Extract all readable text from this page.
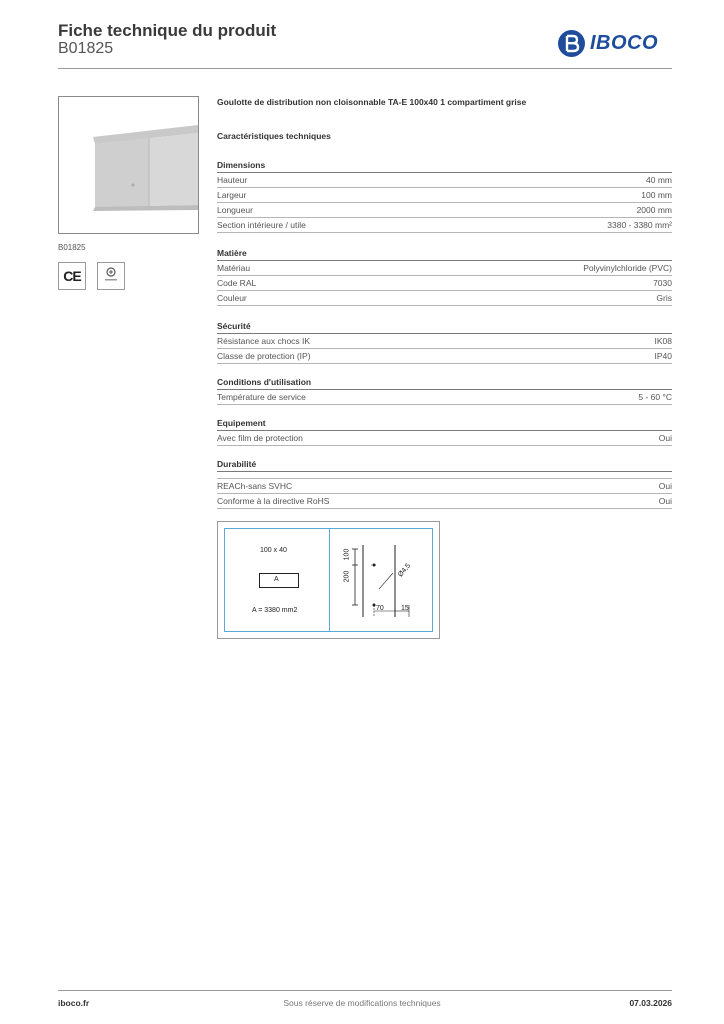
Fiche technique du produit
B01825	IBOCO
B01825
CE
Goulotte de distribution non cloisonnable TA-E 100x40 1 compartiment grise
Caractéristiques techniques
Dimensions
Hauteur	40 mm
Largeur	100 mm
Longueur	2000 mm
Section intérieure / utile	3380 - 3380 mm²
Matière
Matériau	Polyvinylchloride (PVC)
Code RAL	7030
Couleur	Gris
Sécurité
Résistance aux chocs IK	IK08
Classe de protection (IP)	IP40
Conditions d'utilisation
Température de service	5 - 60 °C
Equipement
Avec film de protection	Oui
Durabilité
REACh-sans SVHC	Oui
Conforme à la directive RoHS	Oui
100 x 40
A
A = 3380 mm2
100
200	Ø4,5
70 15
iboco.fr	Sous réserve de modifications techniques	07.03.2026
